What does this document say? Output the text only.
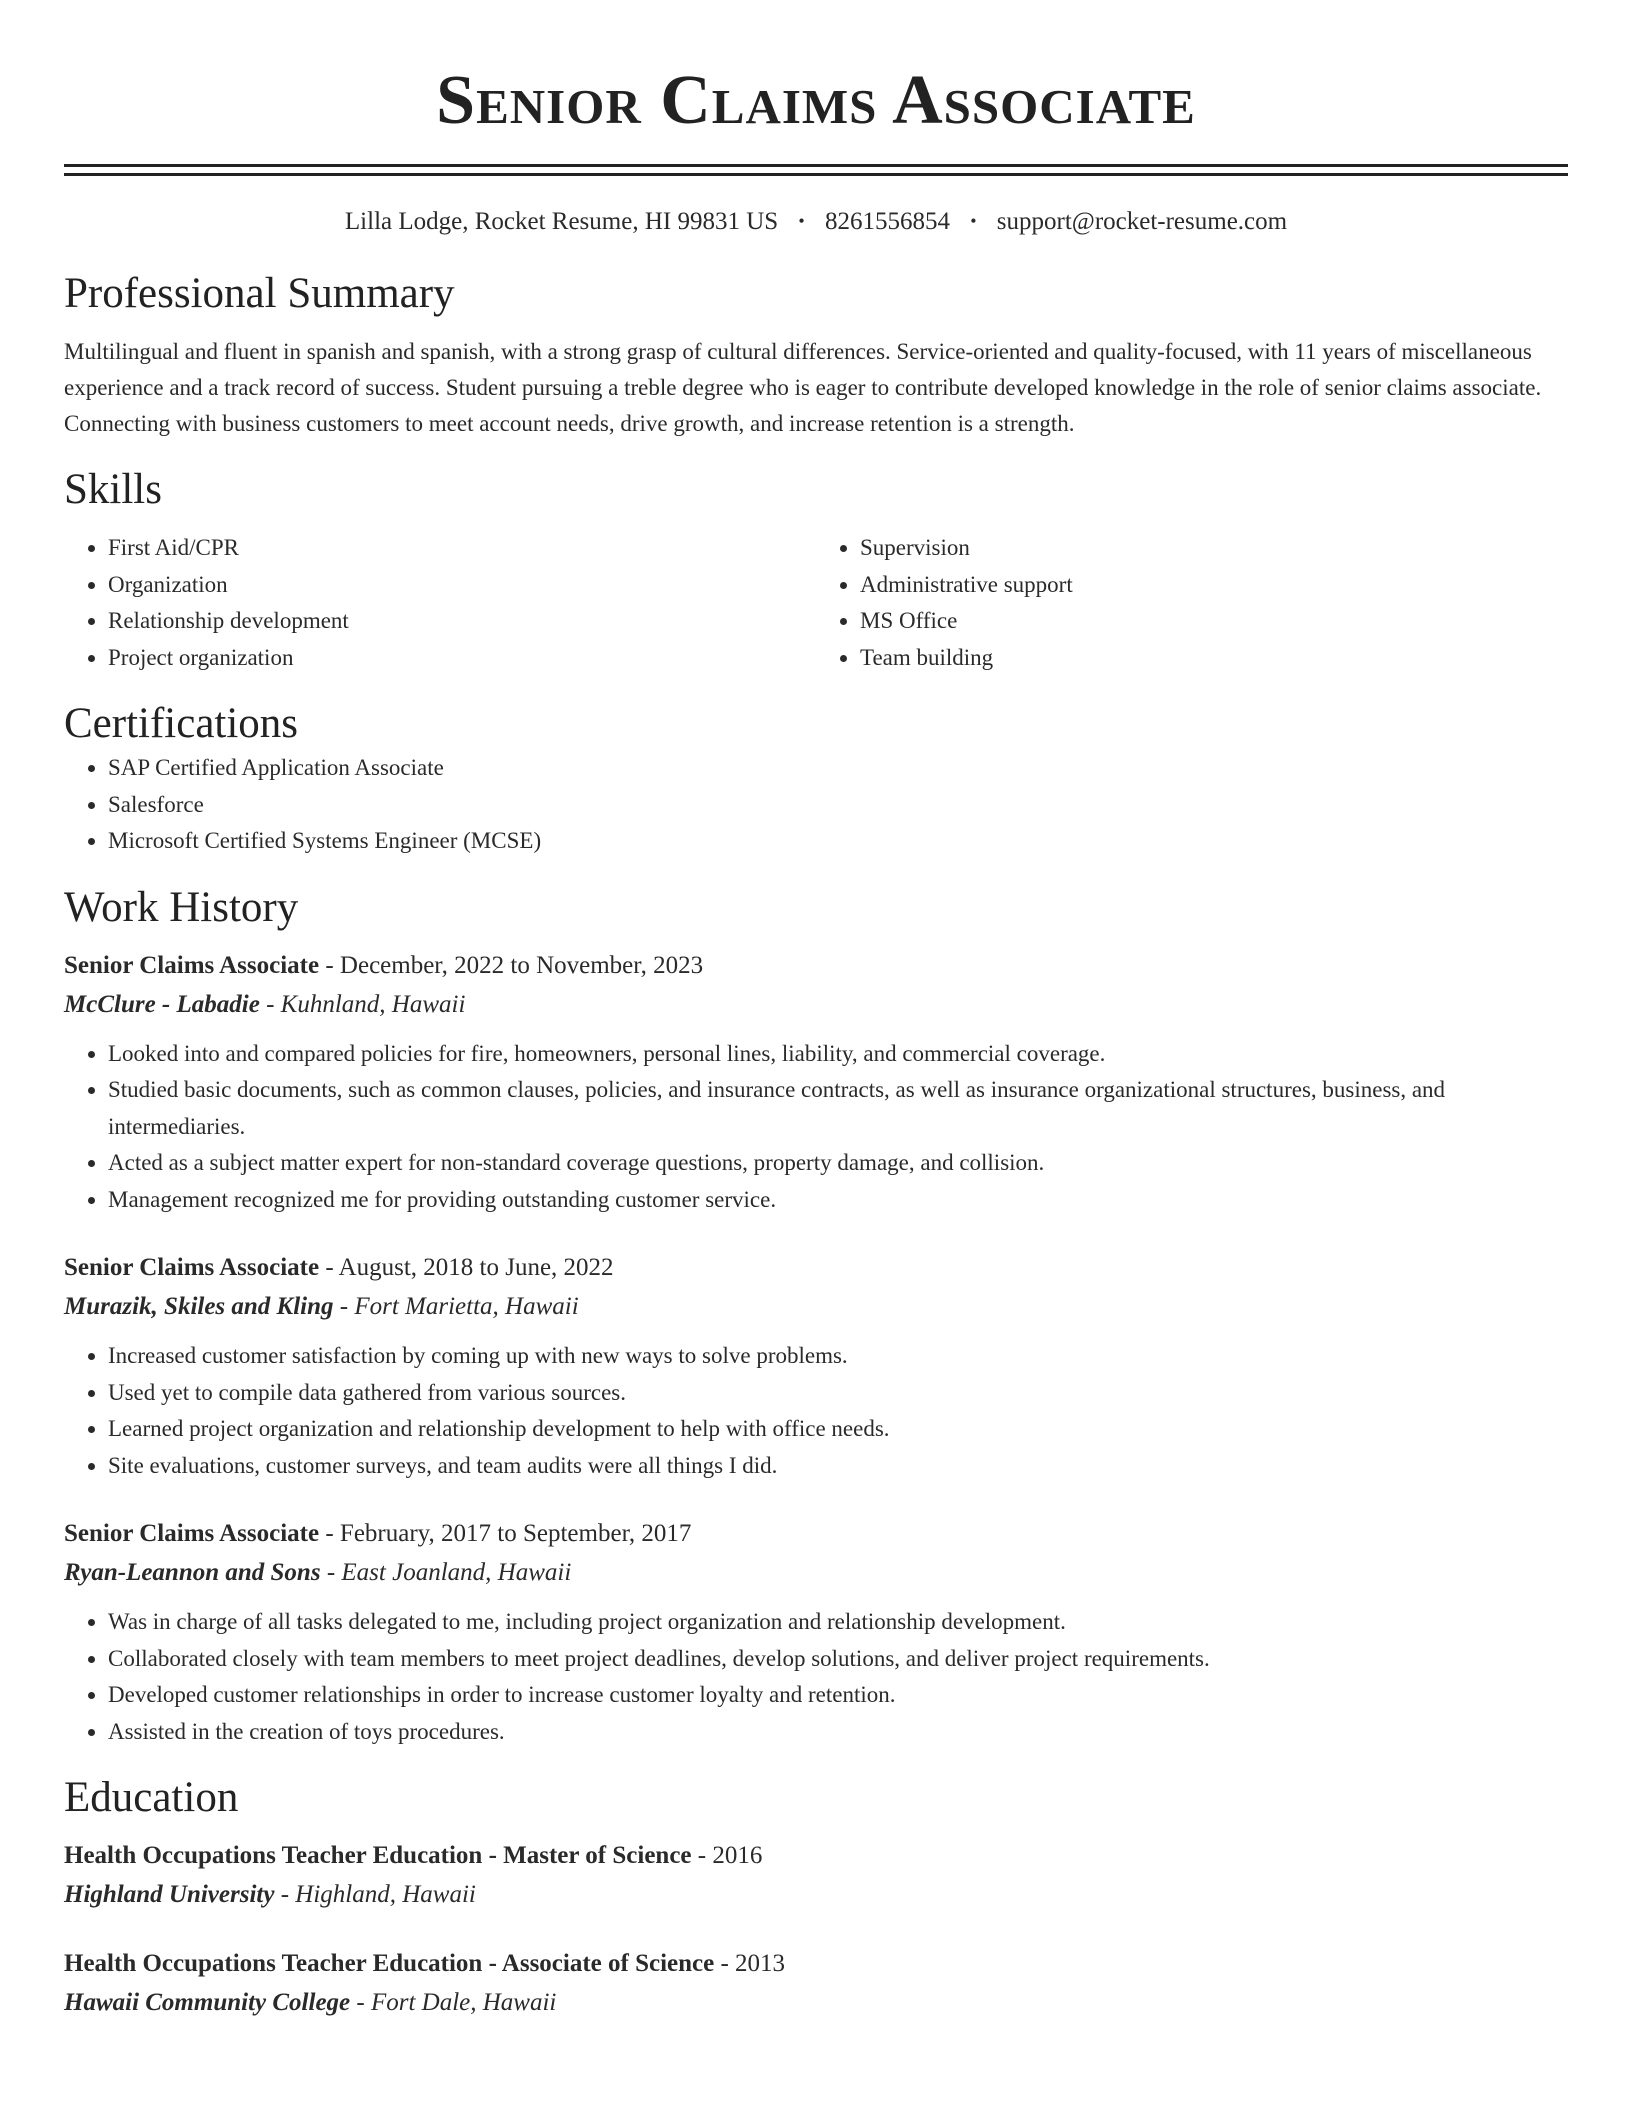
Senior Claims Associate
Lilla Lodge, Rocket Resume, HI 99831 US • 8261556854 • support@rocket-resume.com
Professional Summary

Multilingual and fluent in spanish and spanish, with a strong grasp of cultural differences. Service-oriented and quality-focused, with 11 years of miscellaneous experience and a track record of success. Student pursuing a treble degree who is eager to contribute developed knowledge in the role of senior claims associate. Connecting with business customers to meet account needs, drive growth, and increase retention is a strength.

Skills
• First Aid/CPR
• Organization
• Relationship development
• Project organization
• Supervision
• Administrative support
• MS Office
• Team building
Certifications
• SAP Certified Application Associate
• Salesforce
• Microsoft Certified Systems Engineer (MCSE)
Work History
Senior Claims Associate - December, 2022 to November, 2023
McClure - Labadie - Kuhnland, Hawaii
• Looked into and compared policies for fire, homeowners, personal lines, liability, and commercial coverage.
• Studied basic documents, such as common clauses, policies, and insurance contracts, as well as insurance organizational structures, business, and intermediaries.
• Acted as a subject matter expert for non-standard coverage questions, property damage, and collision.
• Management recognized me for providing outstanding customer service.
Senior Claims Associate - August, 2018 to June, 2022
Murazik, Skiles and Kling - Fort Marietta, Hawaii
• Increased customer satisfaction by coming up with new ways to solve problems.
• Used yet to compile data gathered from various sources.
• Learned project organization and relationship development to help with office needs.
• Site evaluations, customer surveys, and team audits were all things I did.
Senior Claims Associate - February, 2017 to September, 2017
Ryan-Leannon and Sons - East Joanland, Hawaii
• Was in charge of all tasks delegated to me, including project organization and relationship development.
• Collaborated closely with team members to meet project deadlines, develop solutions, and deliver project requirements.
• Developed customer relationships in order to increase customer loyalty and retention.
• Assisted in the creation of toys procedures.
Education
Health Occupations Teacher Education - Master of Science - 2016
Highland University - Highland, Hawaii
Health Occupations Teacher Education - Associate of Science - 2013
Hawaii Community College - Fort Dale, Hawaii
